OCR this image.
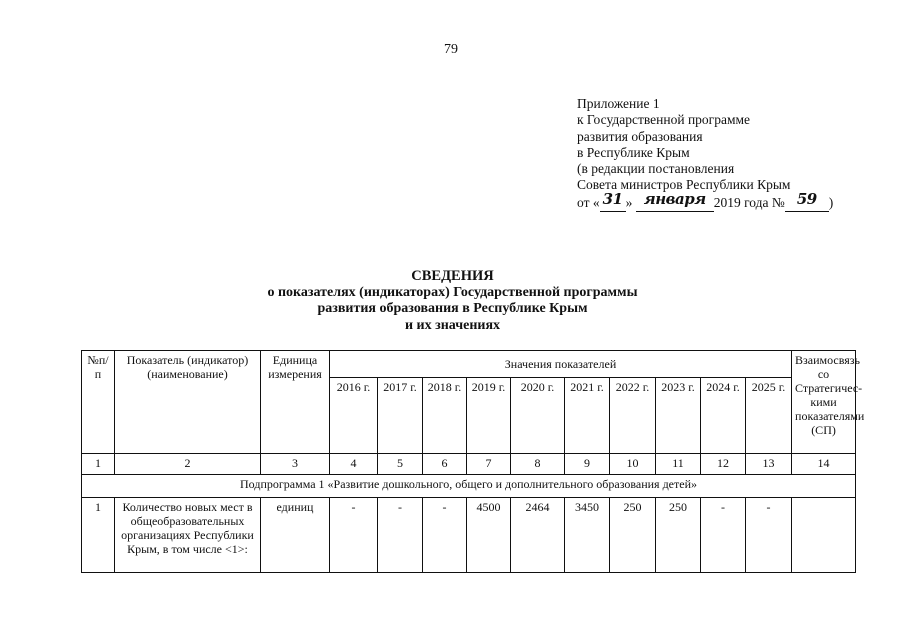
79
Приложение 1
к Государственной программе
развития образования
в Республике Крым
(в редакции постановления
Совета министров Республики Крым
от « 31 » января 2019 года № 59 )
СВЕДЕНИЯ
о показателях (индикаторах) Государственной программы
развития образования в Республике Крым
и их значениях
№п/п	Показатель (индикатор) (наименование)	Единица измерения	Значения показателей										Взаимосвязь со Стратегичес-кими показателями (СП)
			2016 г.	2017 г.	2018 г.	2019 г.	2020 г.	2021 г.	2022 г.	2023 г.	2024 г.	2025 г.	
1	2	3	4	5	6	7	8	9	10	11	12	13	14
Подпрограмма 1 «Развитие дошкольного, общего и дополнительного образования детей»													
1	Количество новых мест в общеобразовательных организациях Республики Крым, в том числе <1>:	единиц	-	-	-	4500	2464	3450	250	250	-	-	
